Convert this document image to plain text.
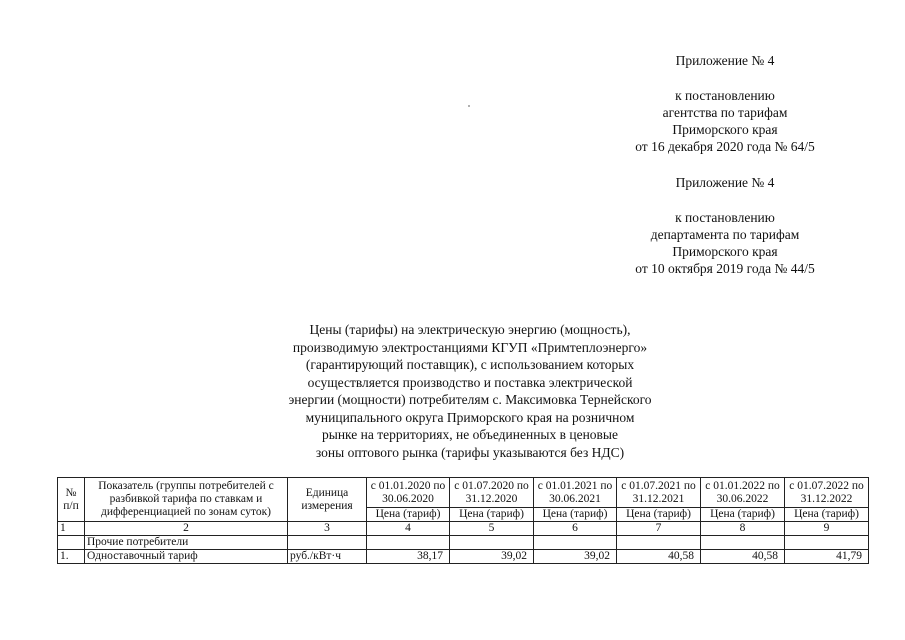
Приложение № 4
к постановлению
агентства по тарифам
Приморского края
от 16 декабря 2020 года № 64/5
Приложение № 4
к постановлению
департамента по тарифам
Приморского края
от 10 октября 2019 года № 44/5
Цены (тарифы) на электрическую энергию (мощность),
производимую электростанциями КГУП «Примтеплоэнерго»
(гарантирующий поставщик), с использованием которых
осуществляется производство и поставка электрической
энергии (мощности) потребителям с. Максимовка Тернейского
муниципального округа Приморского края на розничном
рынке на территориях, не объединенных в ценовые
зоны оптового рынка (тарифы указываются без НДС)
№ п/п	Показатель (группы потребителей с разбивкой тарифа по ставкам и дифференциацией по зонам суток)	Единица измерения	с 01.01.2020 по 30.06.2020	с 01.07.2020 по 31.12.2020	с 01.01.2021 по 30.06.2021	с 01.07.2021 по 31.12.2021	с 01.01.2022 по 30.06.2022	с 01.07.2022 по 31.12.2022
			Цена (тариф)	Цена (тариф)	Цена (тариф)	Цена (тариф)	Цена (тариф)	Цена (тариф)
1	2	3	4	5	6	7	8	9
	Прочие потребители							
1.	Одноставочный тариф	руб./кВт·ч	38,17	39,02	39,02	40,58	40,58	41,79
